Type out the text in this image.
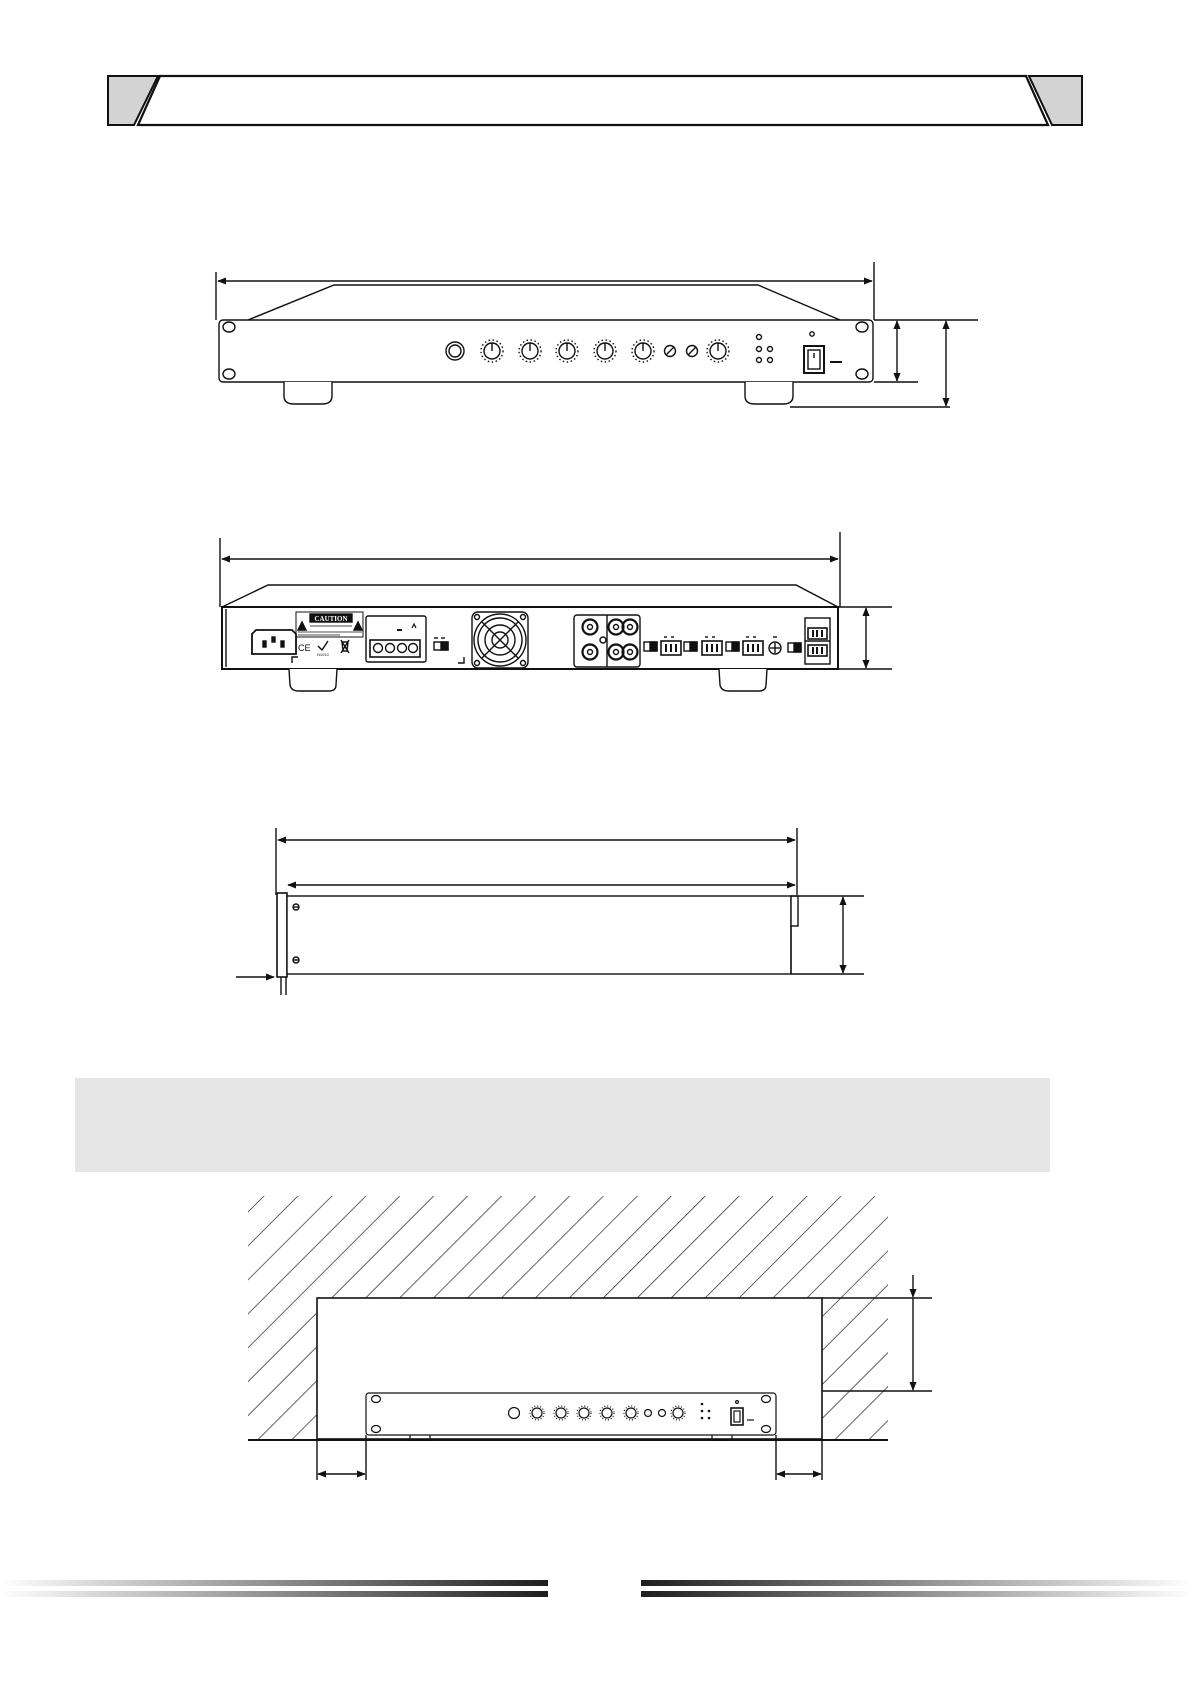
CE
N1010
CAUTION
